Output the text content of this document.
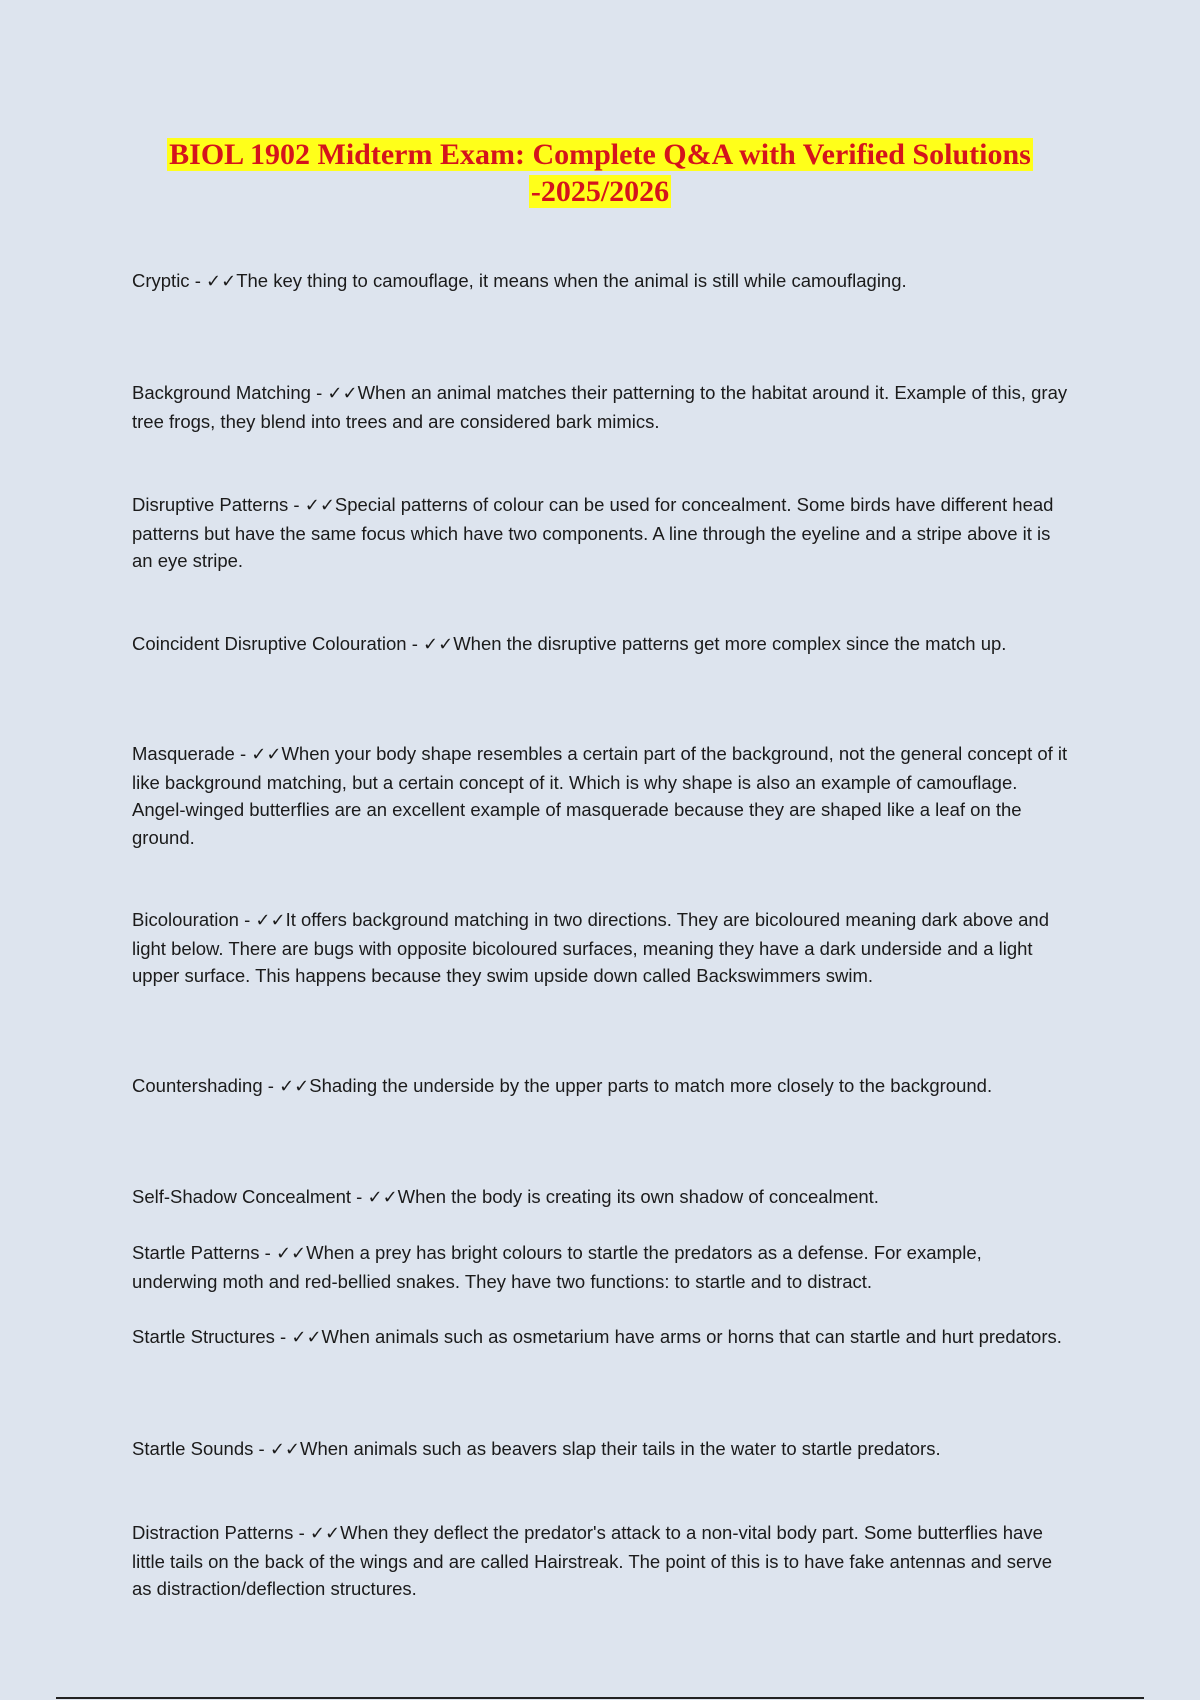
BIOL 1902 Midterm Exam: Complete Q&A with Verified Solutions
-2025/2026
Cryptic - ✓✓The key thing to camouflage, it means when the animal is still while camouflaging.
Background Matching - ✓✓When an animal matches their patterning to the habitat around it. Example of this, gray tree frogs, they blend into trees and are considered bark mimics.
Disruptive Patterns - ✓✓Special patterns of colour can be used for concealment. Some birds have different head patterns but have the same focus which have two components. A line through the eyeline and a stripe above it is an eye stripe.
Coincident Disruptive Colouration - ✓✓When the disruptive patterns get more complex since the match up.
Masquerade - ✓✓When your body shape resembles a certain part of the background, not the general concept of it like background matching, but a certain concept of it. Which is why shape is also an example of camouflage. Angel-winged butterflies are an excellent example of masquerade because they are shaped like a leaf on the ground.
Bicolouration - ✓✓It offers background matching in two directions. They are bicoloured meaning dark above and light below. There are bugs with opposite bicoloured surfaces, meaning they have a dark underside and a light upper surface. This happens because they swim upside down called Backswimmers swim.
Countershading - ✓✓Shading the underside by the upper parts to match more closely to the background.
Self-Shadow Concealment - ✓✓When the body is creating its own shadow of concealment.
Startle Patterns - ✓✓When a prey has bright colours to startle the predators as a defense. For example, underwing moth and red-bellied snakes. They have two functions: to startle and to distract.
Startle Structures - ✓✓When animals such as osmetarium have arms or horns that can startle and hurt predators.
Startle Sounds - ✓✓When animals such as beavers slap their tails in the water to startle predators.
Distraction Patterns - ✓✓When they deflect the predator's attack to a non-vital body part. Some butterflies have little tails on the back of the wings and are called Hairstreak. The point of this is to have fake antennas and serve as distraction/deflection structures.
